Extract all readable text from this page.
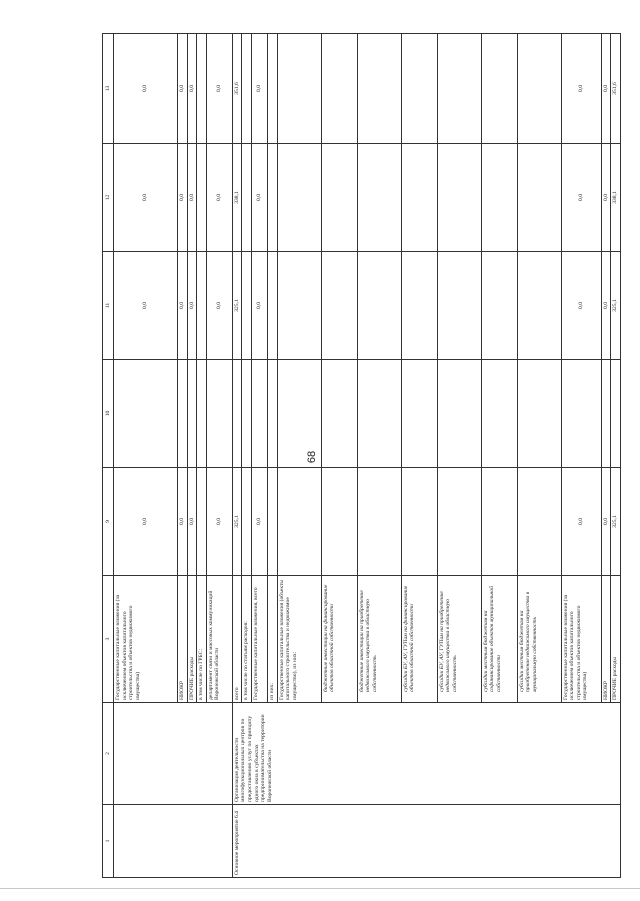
68
1	2	3	9	10	11	12	13
		Государственные капитальные вложения (за исключением объектов капитального строительства и объектов недвижимого имущества)	0,0		0,0	0,0	0,0
		НИОКР	0,0		0,0	0,0	0,0
		ПРОЧИЕ расходы	0,0		0,0	0,0	0,0
		в том числе по ГРБС:					
		департамент связи и массовых коммуникаций Воронежской области	0,0		0,0	0,0	0,0
Основное мероприятие 6.4	Организация деятельности многофункциональных центров по предоставлению услуг по принципу одного окна в субъектах предпринимательства на территории Воронежской области	всего	325,1		325,1	338,1	351,6
		в том числе по статьям расходов:					
		Государственные капитальные вложения, всего	0,0		0,0	0,0	0,0
		из них:					
		Государственные капитальные вложения (объекты капитального строительства и недвижимое имущество), из них:					
		бюджетные инвестиции на финансирование объектов областной собственности					
		бюджетные инвестиции на приобретение недвижимого имущества в областную собственность					
		субсидии БУ, АУ, ГУПам на финансирование объектов областной собственности					
		субсидии БУ, АУ, ГУПам на приобретение недвижимого имущества в областную собственность					
		субсидии местным бюджетам на софинансирование объектов муниципальной собственности					
		субсидии местным бюджетам на приобретение недвижимого имущества в муниципальную собственность					
		Государственные капитальные вложения (за исключением объектов капитального строительства и объектов недвижимого имущества)	0,0		0,0	0,0	0,0
		НИОКР	0,0		0,0	0,0	0,0
		ПРОЧИЕ расходы	325,1		325,1	338,1	351,6
